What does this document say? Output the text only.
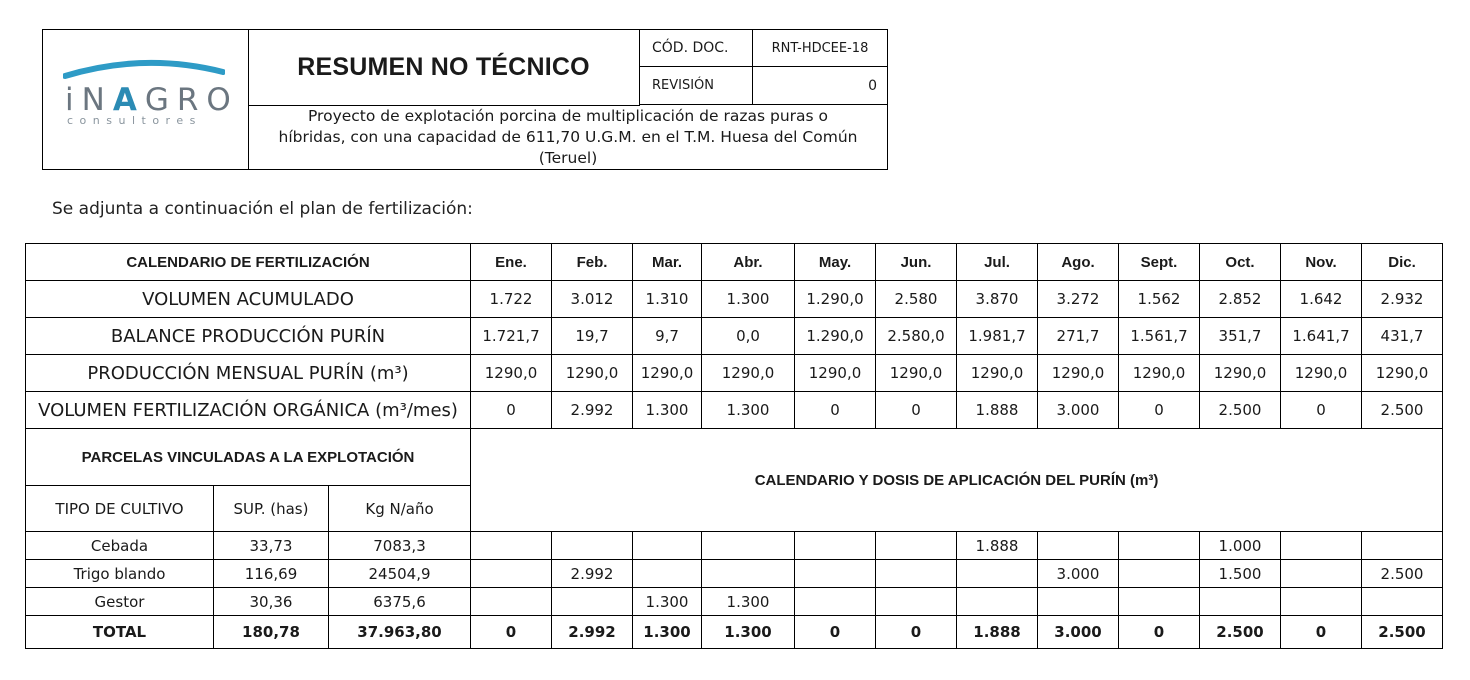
iNAGRO
consultores
RESUMEN NO TÉCNICO
CÓD. DOC.	RNT-HDCEE-18
REVISIÓN	0
Proyecto de explotación porcina de multiplicación de razas puras o híbridas, con una capacidad de 611,70 U.G.M. en el T.M. Huesa del Común (Teruel)
Se adjunta a continuación el plan de fertilización:
CALENDARIO DE FERTILIZACIÓN			Ene.	Feb.	Mar.	Abr.	May.	Jun.	Jul.	Ago.	Sept.	Oct.	Nov.	Dic.
VOLUMEN ACUMULADO			1.722	3.012	1.310	1.300	1.290,0	2.580	3.870	3.272	1.562	2.852	1.642	2.932
BALANCE PRODUCCIÓN PURÍN			1.721,7	19,7	9,7	0,0	1.290,0	2.580,0	1.981,7	271,7	1.561,7	351,7	1.641,7	431,7
PRODUCCIÓN MENSUAL PURÍN (m³)			1290,0	1290,0	1290,0	1290,0	1290,0	1290,0	1290,0	1290,0	1290,0	1290,0	1290,0	1290,0
VOLUMEN FERTILIZACIÓN ORGÁNICA (m³/mes)			0	2.992	1.300	1.300	0	0	1.888	3.000	0	2.500	0	2.500
PARCELAS VINCULADAS A LA EXPLOTACIÓN			CALENDARIO Y DOSIS DE APLICACIÓN DEL PURÍN (m³)											
TIPO DE CULTIVO	SUP. (has)	Kg N/año												
Cebada	33,73	7083,3							1.888			1.000		
Trigo blando	116,69	24504,9		2.992						3.000		1.500		2.500
Gestor	30,36	6375,6			1.300	1.300								
TOTAL	180,78	37.963,80	0	2.992	1.300	1.300	0	0	1.888	3.000	0	2.500	0	2.500
